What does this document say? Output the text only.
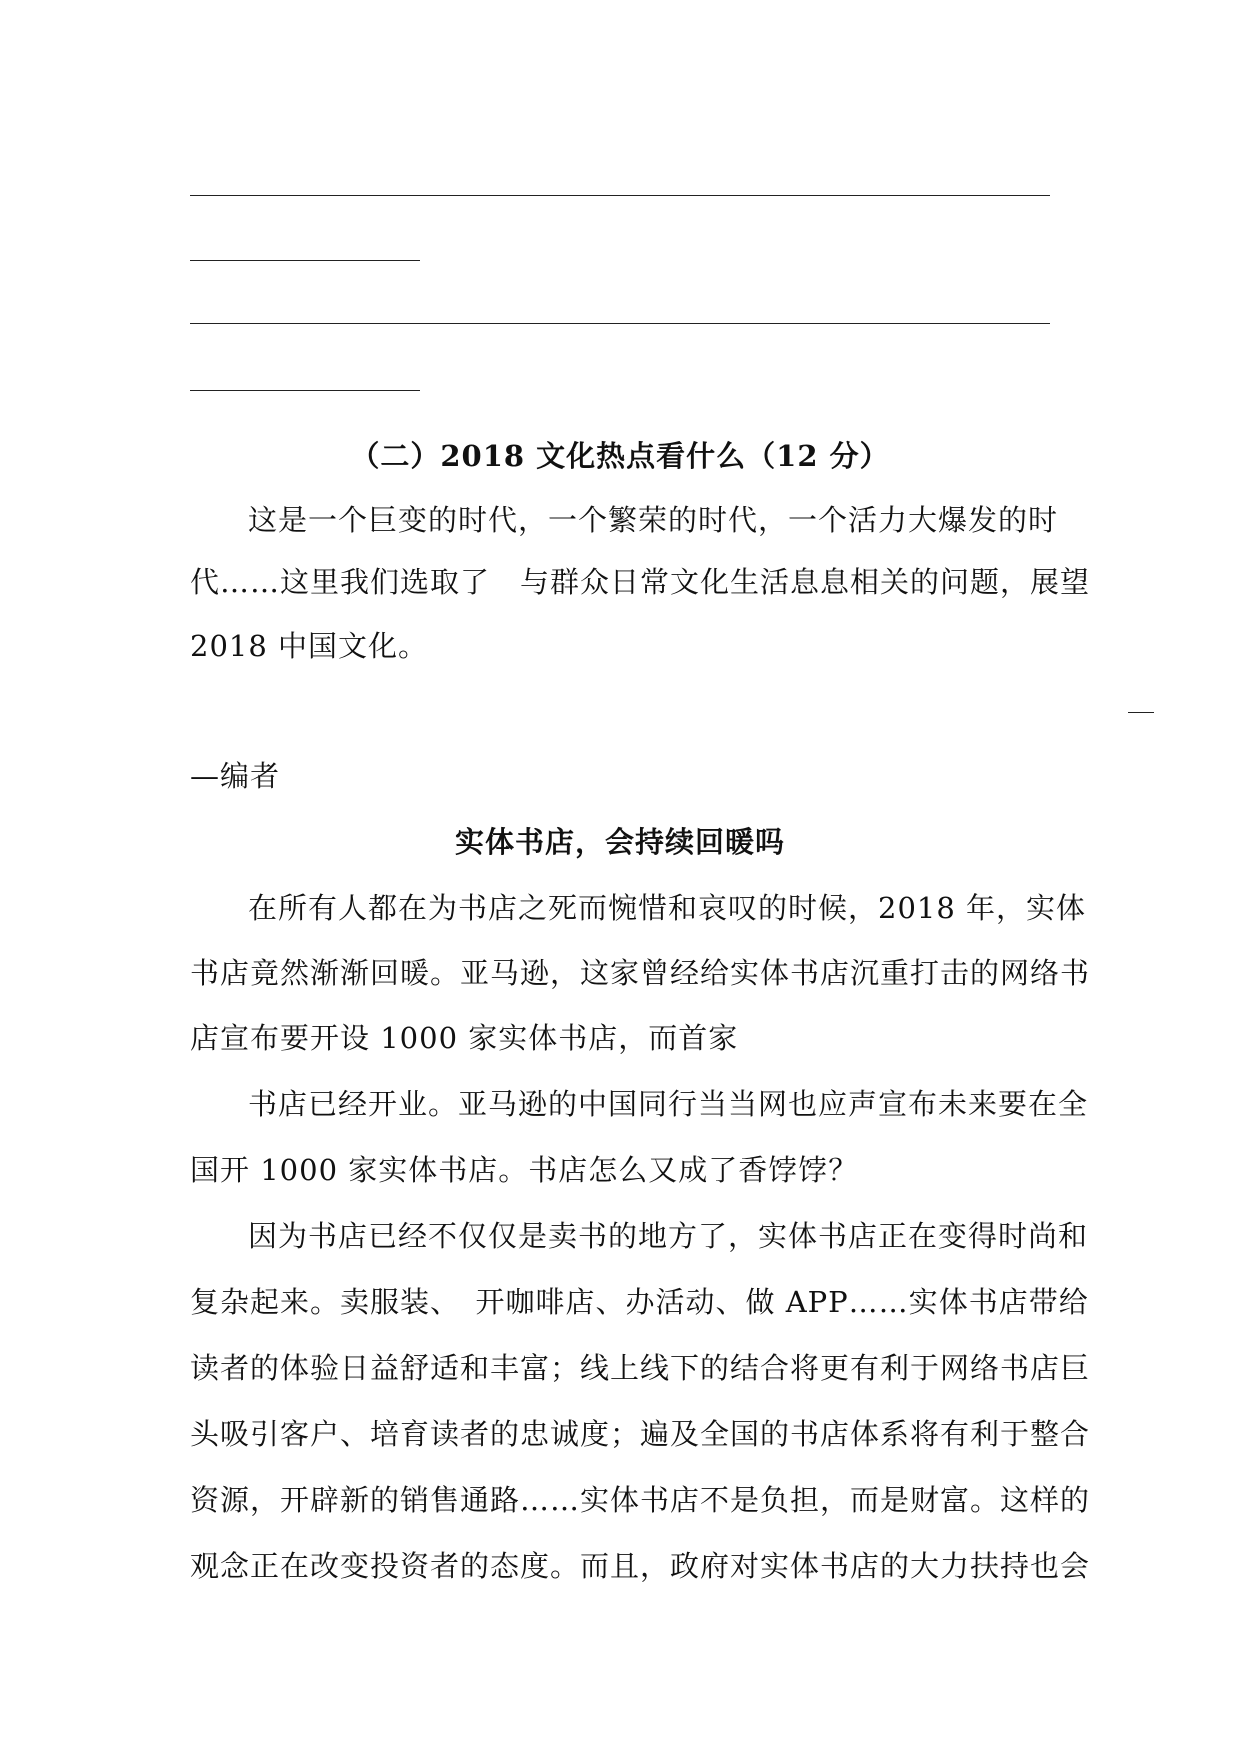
（二）2018 文化热点看什么（12 分）
这是一个巨变的时代，一个繁荣的时代，一个活力大爆发的时
代……这里我们选取了　与群众日常文化生活息息相关的问题，展望
2018 中国文化。
—编者
实体书店，会持续回暖吗
在所有人都在为书店之死而惋惜和哀叹的时候，2018 年，实体
书店竟然渐渐回暖。亚马逊，这家曾经给实体书店沉重打击的网络书
店宣布要开设 1000 家实体书店，而首家
书店已经开业。亚马逊的中国同行当当网也应声宣布未来要在全
国开 1000 家实体书店。书店怎么又成了香饽饽？
因为书店已经不仅仅是卖书的地方了，实体书店正在变得时尚和
复杂起来。卖服装、　开咖啡店、办活动、做 APP……实体书店带给
读者的体验日益舒适和丰富；线上线下的结合将更有利于网络书店巨
头吸引客户、培育读者的忠诚度；遍及全国的书店体系将有利于整合
资源，开辟新的销售通路……实体书店不是负担，而是财富。这样的
观念正在改变投资者的态度。而且，政府对实体书店的大力扶持也会
